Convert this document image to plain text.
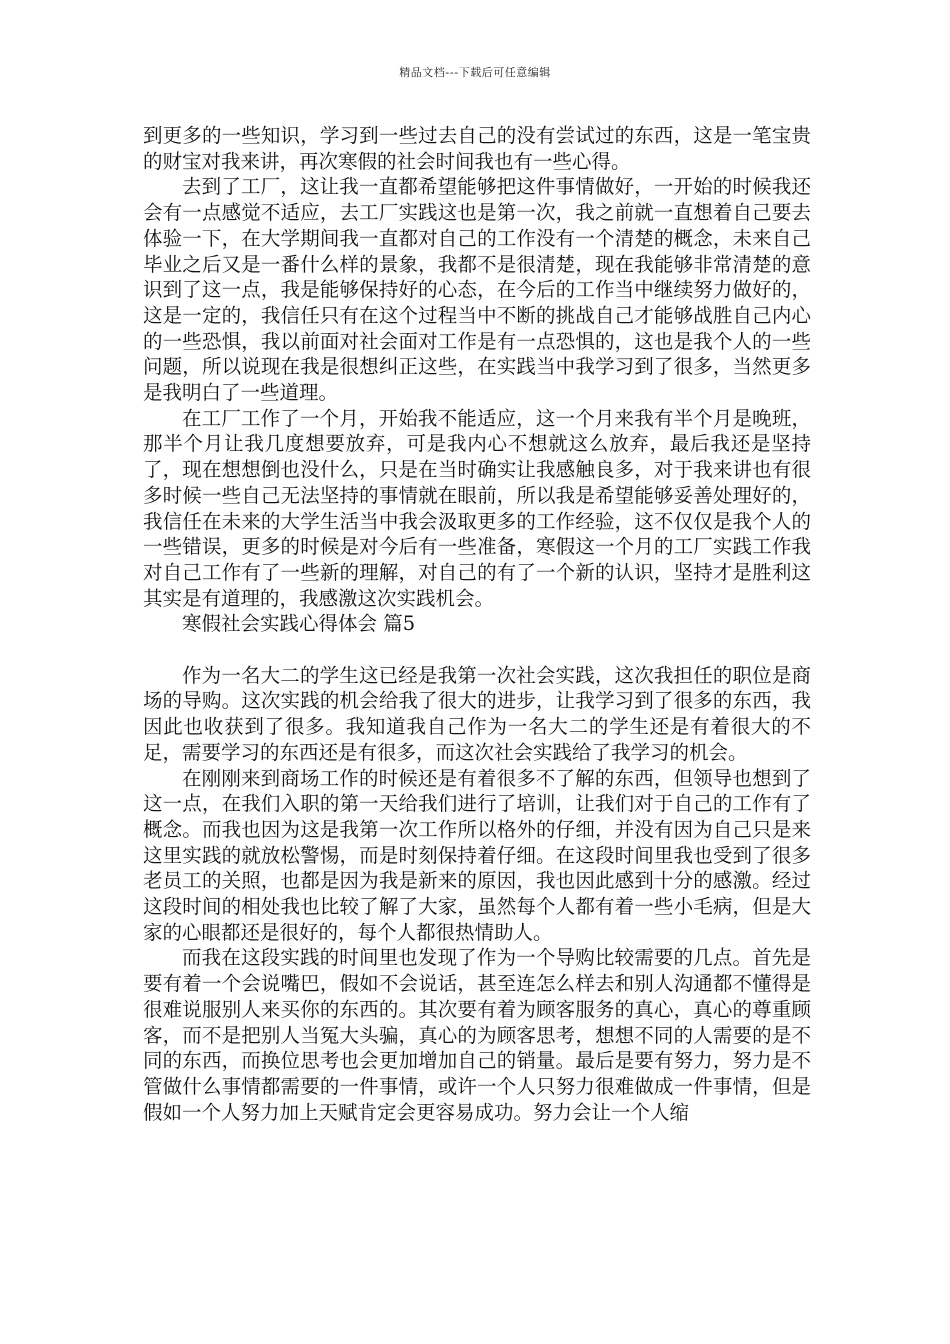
精品文档---下载后可任意编辑

到更多的一些知识，学习到一些过去自己的没有尝试过的东西，这是一笔宝贵的财宝对我来讲，再次寒假的社会时间我也有一些心得。

去到了工厂，这让我一直都希望能够把这件事情做好，一开始的时候我还会有一点感觉不适应，去工厂实践这也是第一次，我之前就一直想着自己要去体验一下，在大学期间我一直都对自己的工作没有一个清楚的概念，未来自己毕业之后又是一番什么样的景象，我都不是很清楚，现在我能够非常清楚的意识到了这一点，我是能够保持好的心态，在今后的工作当中继续努力做好的，这是一定的，我信任只有在这个过程当中不断的挑战自己才能够战胜自己内心的一些恐惧，我以前面对社会面对工作是有一点恐惧的，这也是我个人的一些问题，所以说现在我是很想纠正这些，在实践当中我学习到了很多，当然更多是我明白了一些道理。

在工厂工作了一个月，开始我不能适应，这一个月来我有半个月是晚班，那半个月让我几度想要放弃，可是我内心不想就这么放弃，最后我还是坚持了，现在想想倒也没什么，只是在当时确实让我感触良多，对于我来讲也有很多时候一些自己无法坚持的事情就在眼前，所以我是希望能够妥善处理好的，我信任在未来的大学生活当中我会汲取更多的工作经验，这不仅仅是我个人的一些错误，更多的时候是对今后有一些准备，寒假这一个月的工厂实践工作我对自己工作有了一些新的理解，对自己的有了一个新的认识，坚持才是胜利这其实是有道理的，我感激这次实践机会。

寒假社会实践心得体会 篇5

作为一名大二的学生这已经是我第一次社会实践，这次我担任的职位是商场的导购。这次实践的机会给我了很大的进步，让我学习到了很多的东西，我因此也收获到了很多。我知道我自己作为一名大二的学生还是有着很大的不足，需要学习的东西还是有很多，而这次社会实践给了我学习的机会。

在刚刚来到商场工作的时候还是有着很多不了解的东西，但领导也想到了这一点，在我们入职的第一天给我们进行了培训，让我们对于自己的工作有了概念。而我也因为这是我第一次工作所以格外的仔细，并没有因为自己只是来这里实践的就放松警惕，而是时刻保持着仔细。在这段时间里我也受到了很多老员工的关照，也都是因为我是新来的原因，我也因此感到十分的感激。经过这段时间的相处我也比较了解了大家，虽然每个人都有着一些小毛病，但是大家的心眼都还是很好的，每个人都很热情助人。

而我在这段实践的时间里也发现了作为一个导购比较需要的几点。首先是要有着一个会说嘴巴，假如不会说话，甚至连怎么样去和别人沟通都不懂得是很难说服别人来买你的东西的。其次要有着为顾客服务的真心，真心的尊重顾客，而不是把别人当冤大头骗，真心的为顾客思考，想想不同的人需要的是不同的东西，而换位思考也会更加增加自己的销量。最后是要有努力，努力是不管做什么事情都需要的一件事情，或许一个人只努力很难做成一件事情，但是假如一个人努力加上天赋肯定会更容易成功。努力会让一个人缩
